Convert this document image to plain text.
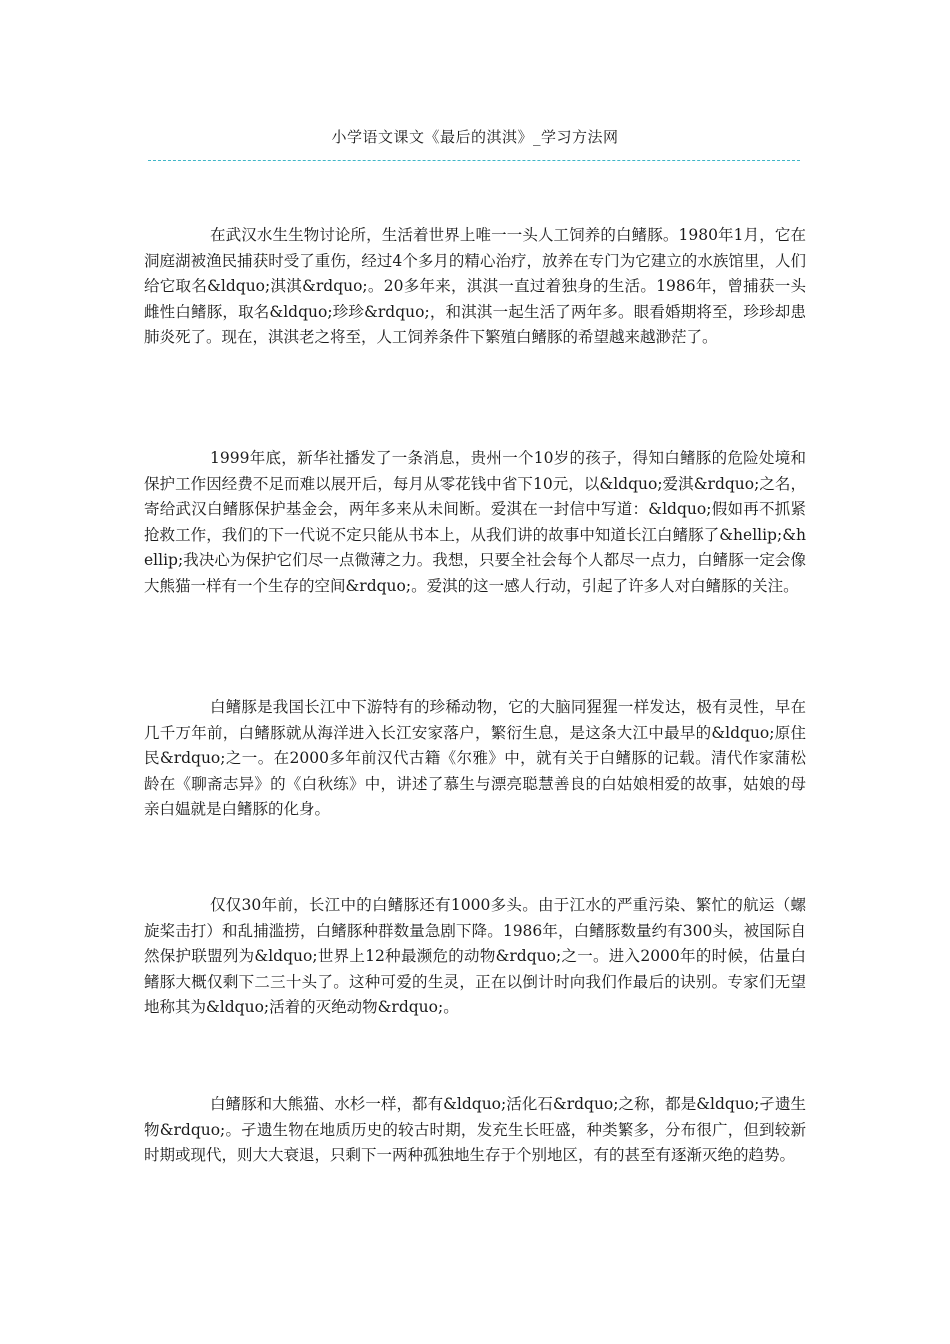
小学语文课文《最后的淇淇》_学习方法网

在武汉水生生物讨论所，生活着世界上唯一一头人工饲养的白鳍豚。1980年1月，它在洞庭湖被渔民捕获时受了重伤，经过4个多月的精心治疗，放养在专门为它建立的水族馆里，人们给它取名&ldquo;淇淇&rdquo;。20多年来，淇淇一直过着独身的生活。1986年，曾捕获一头雌性白鳍豚，取名&ldquo;珍珍&rdquo;，和淇淇一起生活了两年多。眼看婚期将至，珍珍却患肺炎死了。现在，淇淇老之将至，人工饲养条件下繁殖白鳍豚的希望越来越渺茫了。

1999年底，新华社播发了一条消息，贵州一个10岁的孩子，得知白鳍豚的危险处境和保护工作因经费不足而难以展开后，每月从零花钱中省下10元，以&ldquo;爱淇&rdquo;之名，寄给武汉白鳍豚保护基金会，两年多来从未间断。爱淇在一封信中写道：&ldquo;假如再不抓紧抢救工作，我们的下一代说不定只能从书本上，从我们讲的故事中知道长江白鳍豚了&hellip;&hellip;我决心为保护它们尽一点微薄之力。我想，只要全社会每个人都尽一点力，白鳍豚一定会像大熊猫一样有一个生存的空间&rdquo;。爱淇的这一感人行动，引起了许多人对白鳍豚的关注。

白鳍豚是我国长江中下游特有的珍稀动物，它的大脑同猩猩一样发达，极有灵性，早在几千万年前，白鳍豚就从海洋进入长江安家落户，繁衍生息，是这条大江中最早的&ldquo;原住民&rdquo;之一。在2000多年前汉代古籍《尔雅》中，就有关于白鳍豚的记载。清代作家蒲松龄在《聊斋志异》的《白秋练》中，讲述了慕生与漂亮聪慧善良的白姑娘相爱的故事，姑娘的母亲白媪就是白鳍豚的化身。

仅仅30年前，长江中的白鳍豚还有1000多头。由于江水的严重污染、繁忙的航运（螺旋桨击打）和乱捕滥捞，白鳍豚种群数量急剧下降。1986年，白鳍豚数量约有300头，被国际自然保护联盟列为&ldquo;世界上12种最濒危的动物&rdquo;之一。进入2000年的时候，估量白鳍豚大概仅剩下二三十头了。这种可爱的生灵，正在以倒计时向我们作最后的诀别。专家们无望地称其为&ldquo;活着的灭绝动物&rdquo;。

白鳍豚和大熊猫、水杉一样，都有&ldquo;活化石&rdquo;之称，都是&ldquo;孑遗生物&rdquo;。孑遗生物在地质历史的较古时期，发充生长旺盛，种类繁多，分布很广，但到较新时期或现代，则大大衰退，只剩下一两种孤独地生存于个别地区，有的甚至有逐渐灭绝的趋势。
